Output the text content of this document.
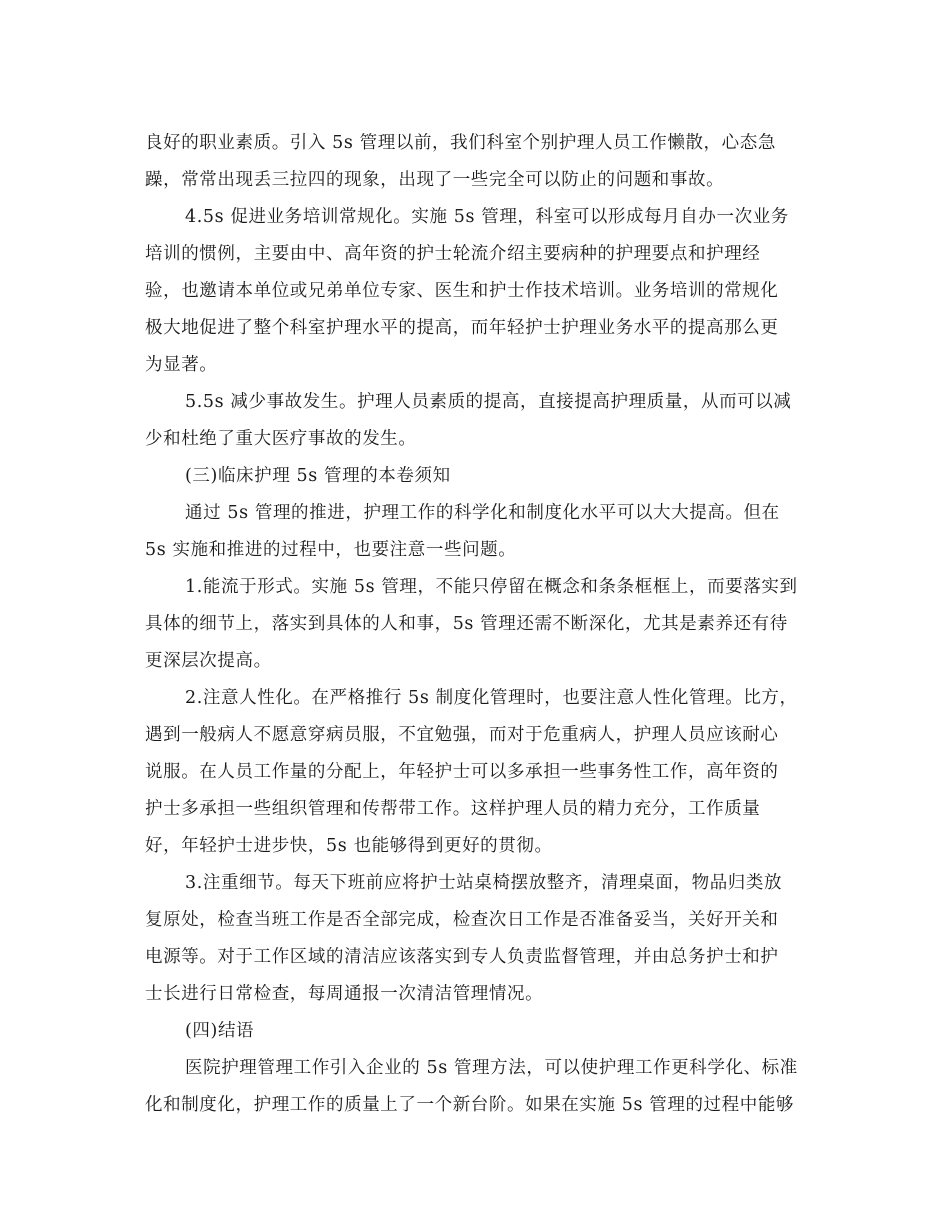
良好的职业素质。引入 5s 管理以前，我们科室个别护理人员工作懒散，心态急
躁，常常出现丢三拉四的现象，出现了一些完全可以防止的问题和事故。
4.5s 促进业务培训常规化。实施 5s 管理，科室可以形成每月自办一次业务
培训的惯例，主要由中、高年资的护士轮流介绍主要病种的护理要点和护理经
验，也邀请本单位或兄弟单位专家、医生和护士作技术培训。业务培训的常规化
极大地促进了整个科室护理水平的提高，而年轻护士护理业务水平的提高那么更
为显著。
5.5s 减少事故发生。护理人员素质的提高，直接提高护理质量，从而可以减
少和杜绝了重大医疗事故的发生。
(三)临床护理 5s 管理的本卷须知
通过 5s 管理的推进，护理工作的科学化和制度化水平可以大大提高。但在
5s 实施和推进的过程中，也要注意一些问题。
1.能流于形式。实施 5s 管理，不能只停留在概念和条条框框上，而要落实到
具体的细节上，落实到具体的人和事，5s 管理还需不断深化，尤其是素养还有待
更深层次提高。
2.注意人性化。在严格推行 5s 制度化管理时，也要注意人性化管理。比方，
遇到一般病人不愿意穿病员服，不宜勉强，而对于危重病人，护理人员应该耐心
说服。在人员工作量的分配上，年轻护士可以多承担一些事务性工作，高年资的
护士多承担一些组织管理和传帮带工作。这样护理人员的精力充分，工作质量
好，年轻护士进步快，5s 也能够得到更好的贯彻。
3.注重细节。每天下班前应将护士站桌椅摆放整齐，清理桌面，物品归类放
复原处，检查当班工作是否全部完成，检查次日工作是否准备妥当，关好开关和
电源等。对于工作区域的清洁应该落实到专人负责监督管理，并由总务护士和护
士长进行日常检查，每周通报一次清洁管理情况。
(四)结语
医院护理管理工作引入企业的 5s 管理方法，可以使护理工作更科学化、标准
化和制度化，护理工作的质量上了一个新台阶。如果在实施 5s 管理的过程中能够
